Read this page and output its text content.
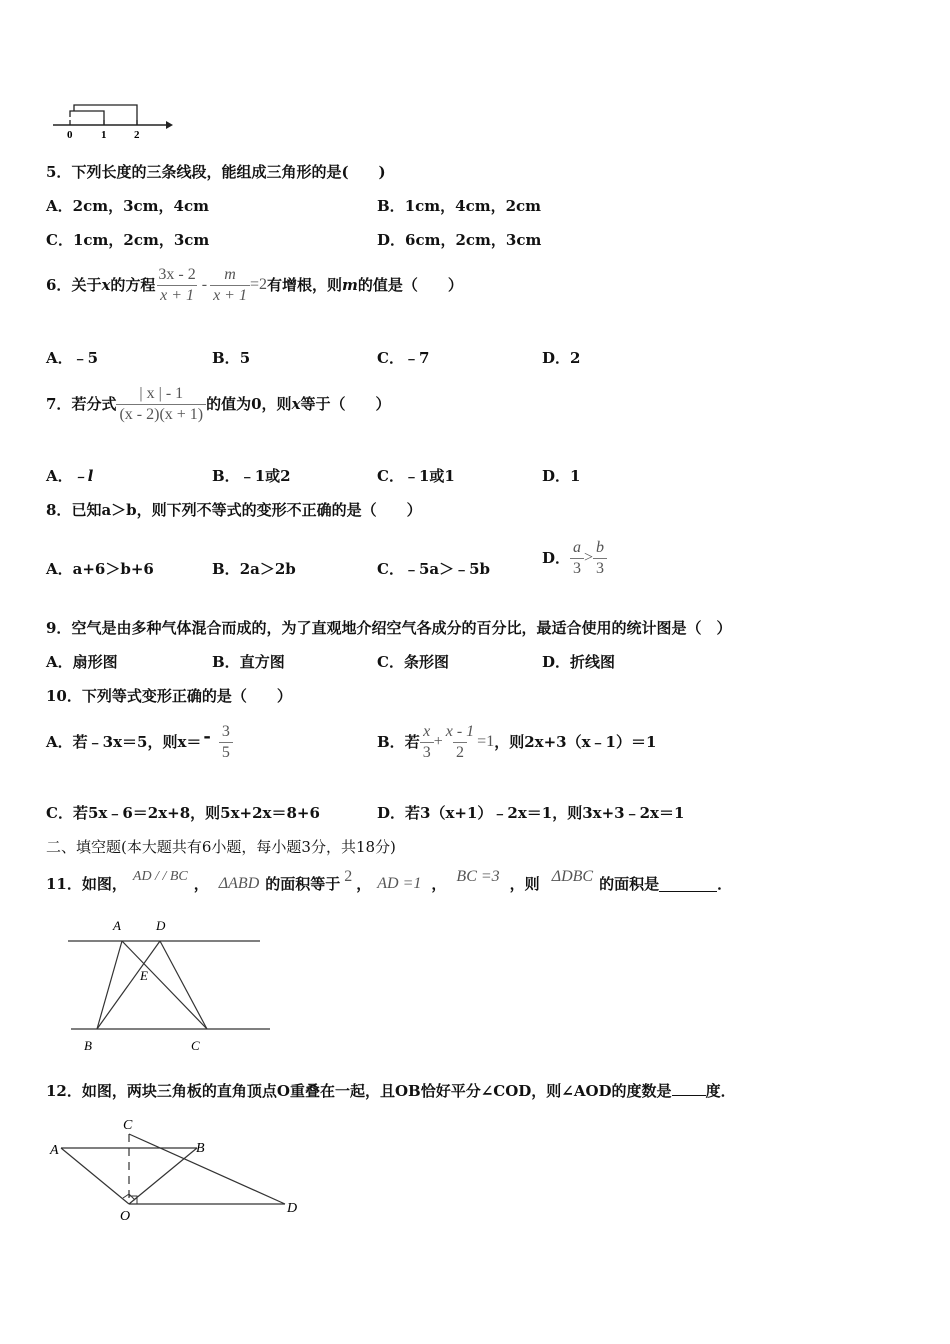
0	1	2
5．下列长度的三条线段，能组成三角形的是(　　)
A．2cm，3cm，4cm	B．1cm，4cm，2cm
C．1cm，2cm，3cm	D．6cm，2cm，3cm
6． 关于 x 的方程 $\frac{3x - 2}{x + 1} - \frac{m}{x + 1} =2$ 有增根，则 m 的值是（　　）
A．﹣5	B．5	C．﹣7	D．2
7． 若分式 $\frac{| x | - 1}{(x - 2)(x + 1)}$ 的值为0，则 x 等于（　　）
A．﹣l	B．﹣1或2	C．﹣1或1	D．1
8．已知a＞b，则下列不等式的变形不正确的是（　　）
A．a+6＞b+6	B．2a＞2b	C．﹣5a＞﹣5b
D． $\frac{a}{3} > \frac{b}{3}$
9．空气是由多种气体混合而成的，为了直观地介绍空气各成分的百分比，最适合使用的统计图是（　）
A．扇形图	B．直方图	C．条形图	D．折线图
10．下列等式变形正确的是（　　）
A． 若﹣3x＝5，则$x= - \frac{3}{5}$	B． 若 $\frac{x}{3} + \frac{x - 1}{2} =1$ ，则2x+3（x﹣1）＝1
C．若5x﹣6＝2x+8，则5x+2x＝8+6	D．若3（x+1）﹣2x＝1，则3x+3﹣2x＝1
二、填空题(本大题共有6小题，每小题3分，共18分)
11． 如图， AD / / BC ， ΔABD 的面积等于 2 ， AD =1 ， BC =3 ，则 ΔDBC 的面积是	．
A	D
E
B	C
12．如图，两块三角板的直角顶点O重叠在一起，且OB恰好平分∠COD，则∠AOD的度数是 度．
A	B
C
D
O
